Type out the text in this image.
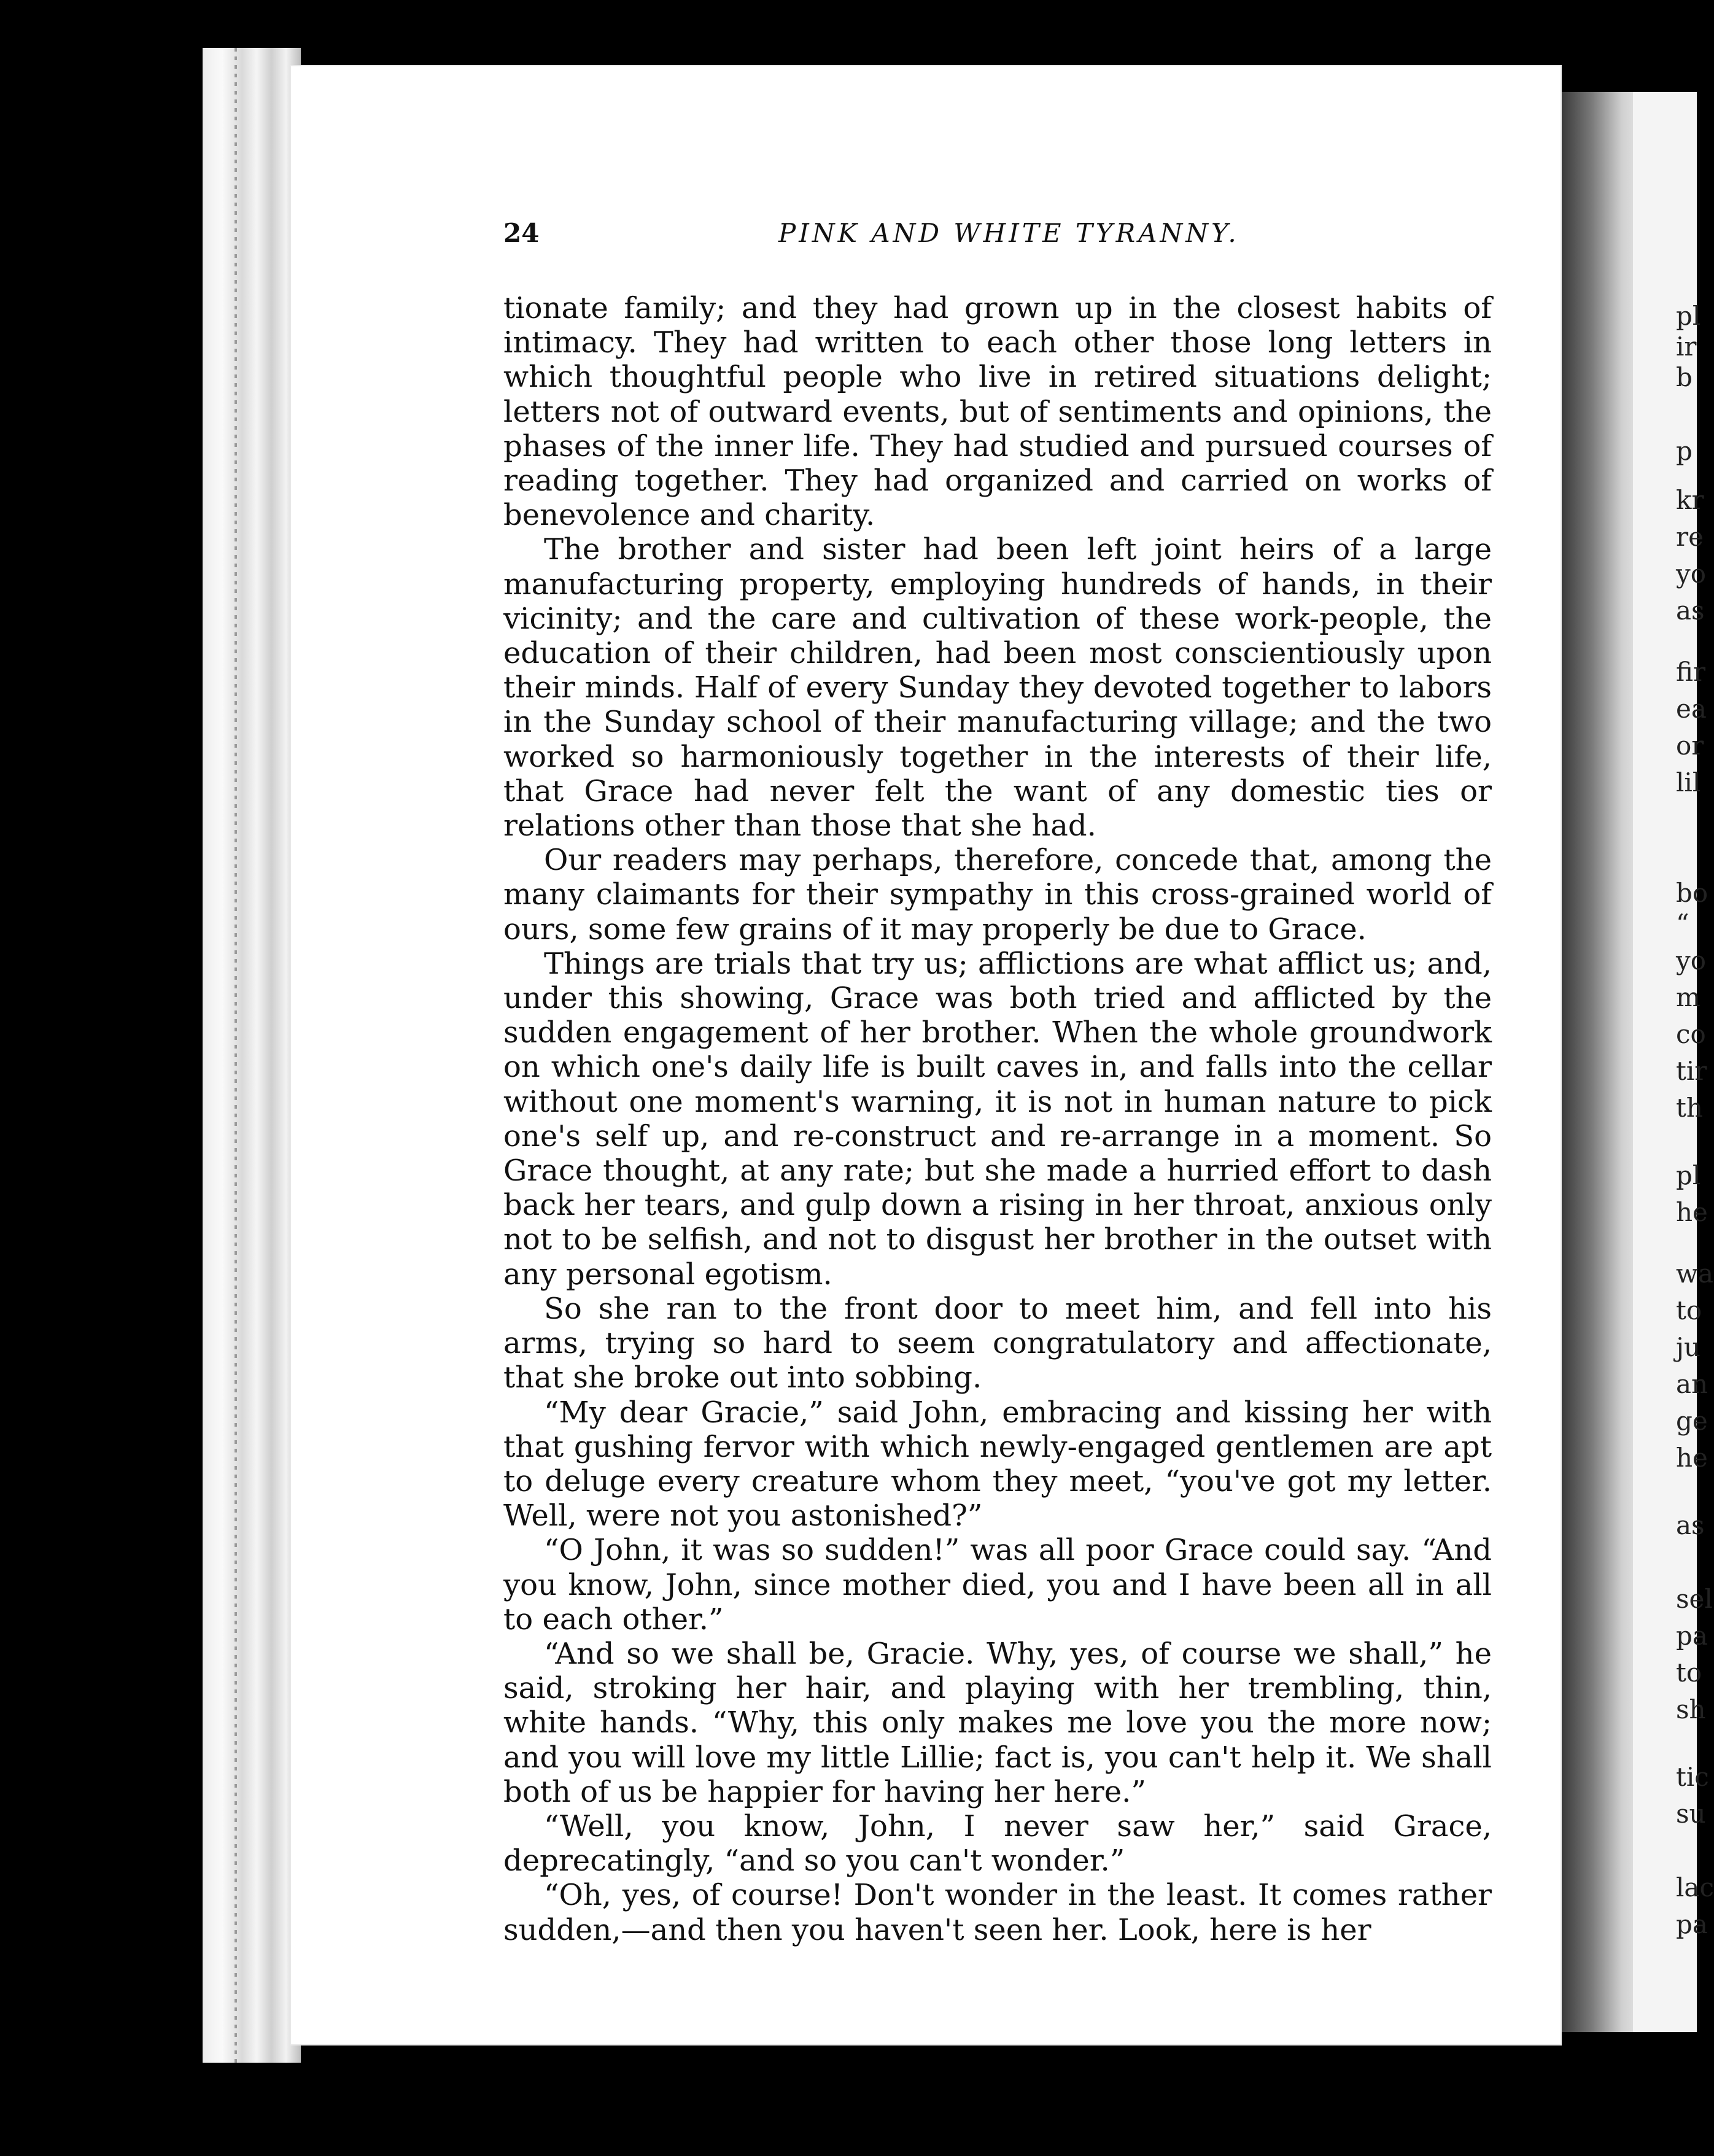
pl
ir
b
p
kr
re
yo
as
fir
ea
or
lil
bo
“
yo
m
co
tir
th
pl
he
wa
to
ju
an
ge
he
as
sel
pa
to
sh
tic
su
lac
pa
24	PINK AND WHITE TYRANNY.

tionate family; and they had grown up in the closest habits of intimacy. They had written to each other those long letters in which thoughtful people who live in retired situations delight; letters not of outward events, but of sentiments and opinions, the phases of the inner life. They had studied and pursued courses of reading together. They had organized and carried on works of benevolence and charity.

The brother and sister had been left joint heirs of a large manufacturing property, employing hundreds of hands, in their vicinity; and the care and cultivation of these work-people, the education of their children, had been most conscientiously upon their minds. Half of every Sunday they devoted together to labors in the Sunday school of their manufacturing village; and the two worked so harmoniously together in the interests of their life, that Grace had never felt the want of any domestic ties or relations other than those that she had.

Our readers may perhaps, therefore, concede that, among the many claimants for their sympathy in this cross-grained world of ours, some few grains of it may properly be due to Grace.

Things are trials that try us; afflictions are what afflict us; and, under this showing, Grace was both tried and afflicted by the sudden engagement of her brother. When the whole groundwork on which one's daily life is built caves in, and falls into the cellar without one moment's warning, it is not in human nature to pick one's self up, and re-construct and re-arrange in a moment. So Grace thought, at any rate; but she made a hurried effort to dash back her tears, and gulp down a rising in her throat, anxious only not to be selfish, and not to disgust her brother in the outset with any personal egotism.

So she ran to the front door to meet him, and fell into his arms, trying so hard to seem congratulatory and affectionate, that she broke out into sobbing.

“My dear Gracie,” said John, embracing and kissing her with that gushing fervor with which newly-engaged gentlemen are apt to deluge every creature whom they meet, “you've got my letter. Well, were not you astonished?”

“O John, it was so sudden!” was all poor Grace could say. “And you know, John, since mother died, you and I have been all in all to each other.”

“And so we shall be, Gracie. Why, yes, of course we shall,” he said, stroking her hair, and playing with her trembling, thin, white hands. “Why, this only makes me love you the more now; and you will love my little Lillie; fact is, you can't help it. We shall both of us be happier for having her here.”

“Well, you know, John, I never saw her,” said Grace, deprecatingly, “and so you can't wonder.”

“Oh, yes, of course! Don't wonder in the least. It comes rather sudden,—and then you haven't seen her. Look, here is her
